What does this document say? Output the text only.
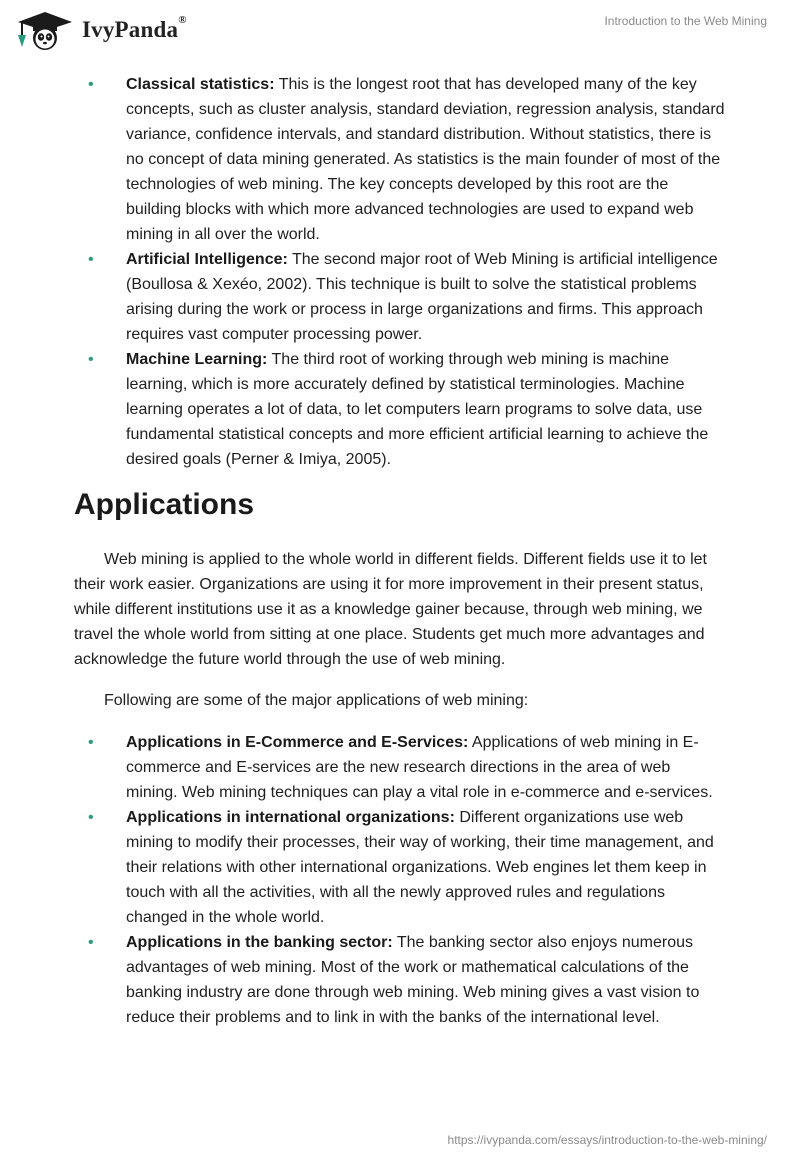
IvyPanda®	Introduction to the Web Mining
• Classical statistics: This is the longest root that has developed many of the key concepts, such as cluster analysis, standard deviation, regression analysis, standard variance, confidence intervals, and standard distribution. Without statistics, there is no concept of data mining generated. As statistics is the main founder of most of the technologies of web mining. The key concepts developed by this root are the building blocks with which more advanced technologies are used to expand web mining in all over the world.
• Artificial Intelligence: The second major root of Web Mining is artificial intelligence (Boullosa & Xexéo, 2002). This technique is built to solve the statistical problems arising during the work or process in large organizations and firms. This approach requires vast computer processing power.
• Machine Learning: The third root of working through web mining is machine learning, which is more accurately defined by statistical terminologies. Machine learning operates a lot of data, to let computers learn programs to solve data, use fundamental statistical concepts and more efficient artificial learning to achieve the desired goals (Perner & Imiya, 2005).
Applications

Web mining is applied to the whole world in different fields. Different fields use it to let their work easier. Organizations are using it for more improvement in their present status, while different institutions use it as a knowledge gainer because, through web mining, we travel the whole world from sitting at one place. Students get much more advantages and acknowledge the future world through the use of web mining.

Following are some of the major applications of web mining:

• Applications in E-Commerce and E-Services: Applications of web mining in E-commerce and E-services are the new research directions in the area of web mining. Web mining techniques can play a vital role in e-commerce and e-services.
• Applications in international organizations: Different organizations use web mining to modify their processes, their way of working, their time management, and their relations with other international organizations. Web engines let them keep in touch with all the activities, with all the newly approved rules and regulations changed in the whole world.
• Applications in the banking sector: The banking sector also enjoys numerous advantages of web mining. Most of the work or mathematical calculations of the banking industry are done through web mining. Web mining gives a vast vision to reduce their problems and to link in with the banks of the international level.
https://ivypanda.com/essays/introduction-to-the-web-mining/
